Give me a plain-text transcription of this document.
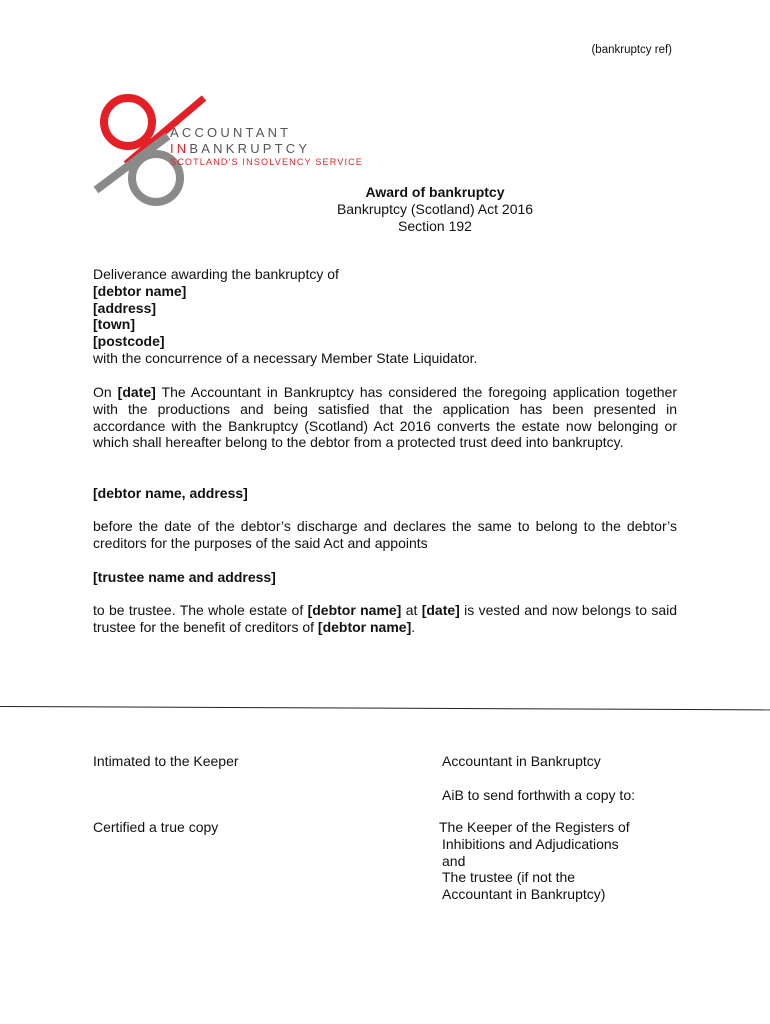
(bankruptcy ref)
ACCOUNTANT
INBANKRUPTCY
SCOTLAND'S INSOLVENCY SERVICE
Award of bankruptcy
Bankruptcy (Scotland) Act 2016
Section 192
Deliverance awarding the bankruptcy of
[debtor name]
[address]
[town]
[postcode]
with the concurrence of a necessary Member State Liquidator.
On [date] The Accountant in Bankruptcy has considered the foregoing application together with the productions and being satisfied that the application has been presented in accordance with the Bankruptcy (Scotland) Act 2016 converts the estate now belonging or which shall hereafter belong to the debtor from a protected trust deed into bankruptcy.
[debtor name, address]
before the date of the debtor’s discharge and declares the same to belong to the debtor’s creditors for the purposes of the said Act and appoints
[trustee name and address]
to be trustee. The whole estate of [debtor name] at [date] is vested and now belongs to said trustee for the benefit of creditors of [debtor name].
Intimated to the Keeper
Certified a true copy
Accountant in Bankruptcy
AiB to send forthwith a copy to:
The Keeper of the Registers of
Inhibitions and Adjudications
and
The trustee (if not the
Accountant in Bankruptcy)
